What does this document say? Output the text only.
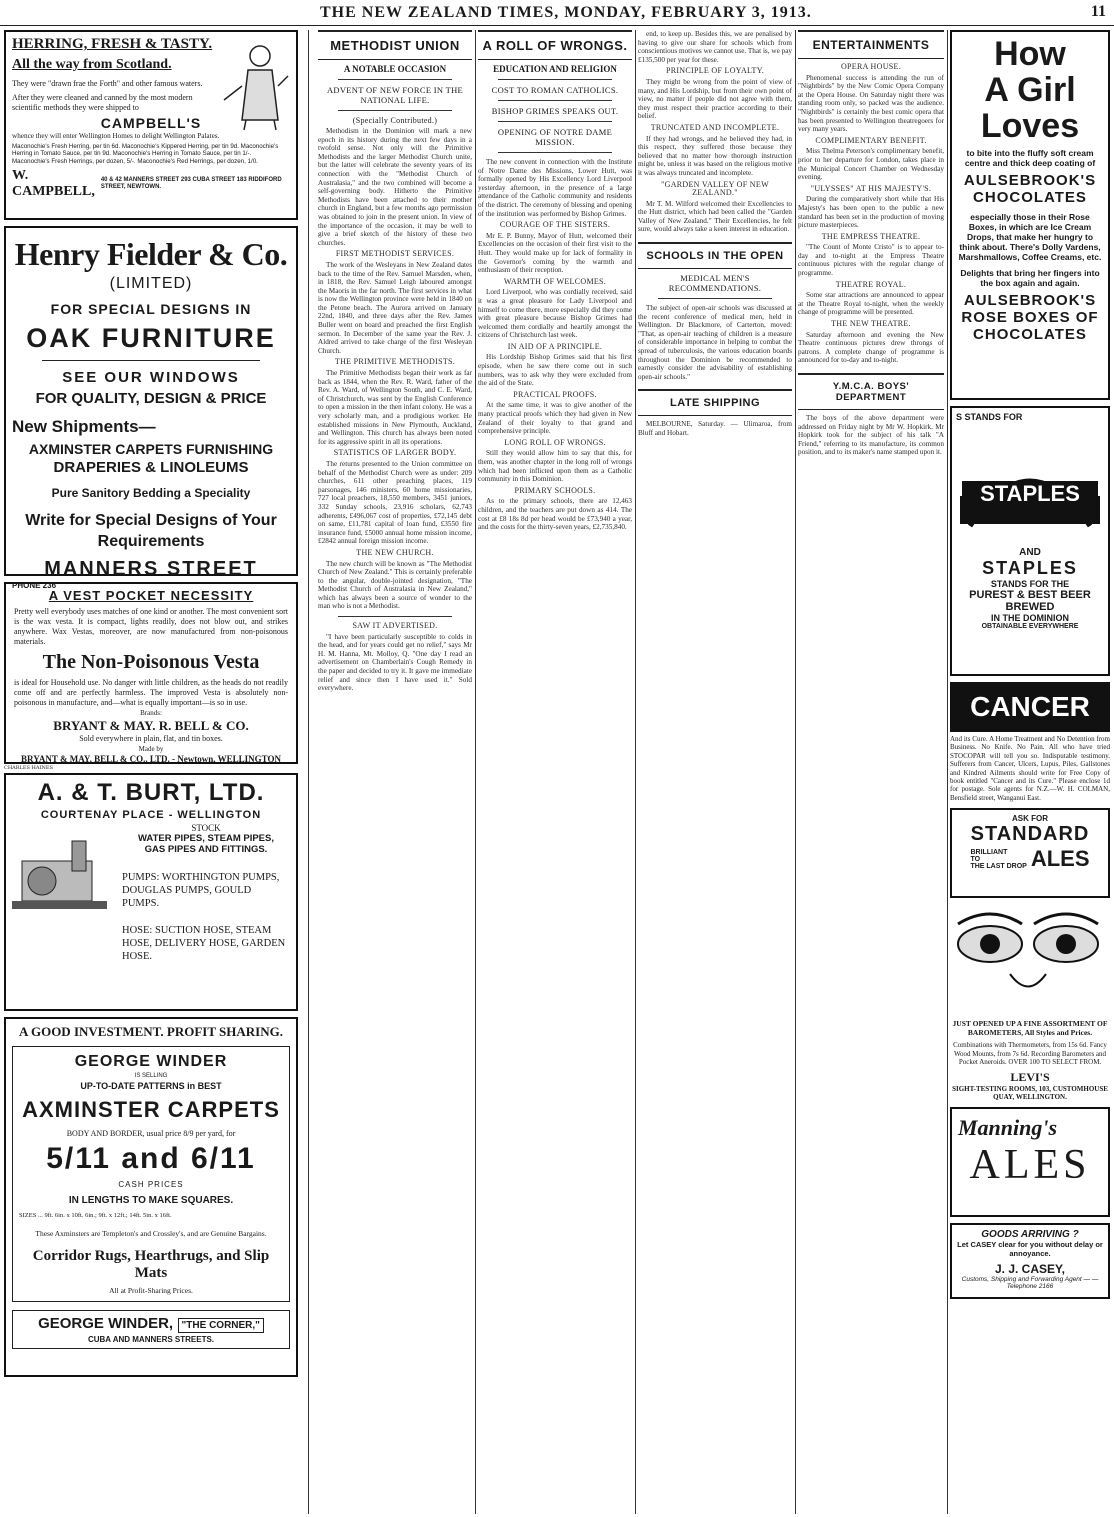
THE NEW ZEALAND TIMES, MONDAY, FEBRUARY 3, 1913.	11
HERRING, FRESH & TASTY.
All the way from Scotland.
They were "drawn frae the Forth" and other famous waters.
After they were cleaned and canned by the most modern scientific methods they were shipped to
CAMPBELL'S
whence they will enter Wellington Homes to delight Wellington Palates.
Maconochie's Fresh Herring, per tin 6d. Maconochie's Kippered Herring, per tin 9d. Maconochie's Herring in Tomato Sauce, per tin 9d. Maconochie's Herring in Tomato Sauce, per tin 1/-. Maconochie's Fresh Herrings, per dozen, 5/-. Maconochie's Red Herrings, per dozen, 1/0.
W. CAMPBELL,
40 & 42 MANNERS STREET 293 CUBA STREET 183 RIDDIFORD STREET, NEWTOWN.
Henry Fielder & Co.
(LIMITED)
FOR SPECIAL DESIGNS IN
OAK FURNITURE
SEE OUR WINDOWS
FOR QUALITY, DESIGN & PRICE
New Shipments—
AXMINSTER CARPETS FURNISHING
DRAPERIES & LINOLEUMS
Pure Sanitory Bedding a Speciality
Write for Special Designs of Your Requirements
MANNERS STREET
PHONE 236
A VEST POCKET NECESSITY
Pretty well everybody uses matches of one kind or another. The most convenient sort is the wax vesta. It is compact, lights readily, does not blow out, and strikes anywhere. Wax Vestas, moreover, are now manufactured from non-poisonous materials.
The Non-Poisonous Vesta
is ideal for Household use. No danger with little children, as the heads do not readily come off and are perfectly harmless. The improved Vesta is absolutely non-poisonous in manufacture, and—what is equally important—is so in use.
Brands:
BRYANT & MAY. R. BELL & CO.
Sold everywhere in plain, flat, and tin boxes.
Made by
BRYANT & MAY, BELL & CO., LTD. - Newtown, WELLINGTON
CHARLES HAINES
A. & T. BURT, LTD.
COURTENAY PLACE - WELLINGTON
STOCK
WATER PIPES, STEAM PIPES,
GAS PIPES AND FITTINGS.
PUMPS: WORTHINGTON PUMPS, DOUGLAS PUMPS, GOULD PUMPS.
HOSE: SUCTION HOSE, STEAM HOSE, DELIVERY HOSE, GARDEN HOSE.
A GOOD INVESTMENT. PROFIT SHARING.
GEORGE WINDER
IS SELLING
UP-TO-DATE PATTERNS in BEST
AXMINSTER CARPETS
BODY AND BORDER, usual price 8/9 per yard, for
5/11 and 6/11
CASH PRICES
IN LENGTHS TO MAKE SQUARES.
SIZES ... 9ft. 6in. x 10ft. 6in.; 9ft. x 12ft.; 14ft. 5in. x 16ft.
These Axminsters are Templeton's and Crossley's, and are Genuine Bargains.
Corridor Rugs, Hearthrugs, and Slip Mats
All at Profit-Sharing Prices.
GEORGE WINDER, "THE CORNER,"
CUBA AND MANNERS STREETS.
METHODIST UNION
A NOTABLE OCCASION
ADVENT OF NEW FORCE IN THE NATIONAL LIFE.
(Specially Contributed.)

Methodism in the Dominion will mark a new epoch in its history during the next few days in a twofold sense. Not only will the Primitive Methodists and the larger Methodist Church unite, but the latter will celebrate the seventy years of its connection with the "Methodist Church of Australasia," and the two combined will become a self-governing body. Hitherto the Primitive Methodists have been attached to their mother church in England, but a few months ago permission was obtained to join in the present union. In view of the importance of the occasion, it may be well to give a brief sketch of the history of these two churches.

FIRST METHODIST SERVICES.

The work of the Wesleyans in New Zealand dates back to the time of the Rev. Samuel Marsden, when, in 1818, the Rev. Samuel Leigh laboured amongst the Maoris in the far north. The first services in what is now the Wellington province were held in 1840 on the Petone beach. The Aurora arrived on January 22nd, 1840, and three days after the Rev. James Buller went on board and preached the first English sermon. In December of the same year the Rev. J. Aldred arrived to take charge of the first Wesleyan Church.

THE PRIMITIVE METHODISTS.

The Primitive Methodists began their work as far back as 1844, when the Rev. R. Ward, father of the Rev. A. Ward, of Wellington South, and C. E. Ward, of Christchurch, was sent by the English Conference to open a mission in the then infant colony. He was a very scholarly man, and a prodigious worker. He established missions in New Plymouth, Auckland, and Wellington. This church has always been noted for its aggressive spirit in all its operations.

STATISTICS OF LARGER BODY.

The returns presented to the Union committee on behalf of the Methodist Church were as under: 209 churches, 611 other preaching places, 119 parsonages, 146 ministers, 60 home missionaries, 727 local preachers, 18,550 members, 3451 juniors, 332 Sunday schools, 23,916 scholars, 62,743 adherents, £496,067 cost of properties, £72,145 debt on same, £11,781 capital of loan fund, £3550 fire insurance fund, £5000 annual home mission income, £2842 annual foreign mission income.

THE NEW CHURCH.

The new church will be known as "The Methodist Church of New Zealand." This is certainly preferable to the angular, double-jointed designation, "The Methodist Church of Australasia in New Zealand," which has always been a source of wonder to the man who is not a Methodist.

SAW IT ADVERTISED.

"I have been particularly susceptible to colds in the head, and for years could get no relief," says Mr H. M. Hanna, Mt. Molloy, Q. "One day I read an advertisement on Chamberlain's Cough Remedy in the paper and decided to try it. It gave me immediate relief and since then I have used it." Sold everywhere.

A ROLL OF WRONGS.
EDUCATION AND RELIGION
COST TO ROMAN CATHOLICS.
BISHOP GRIMES SPEAKS OUT.
OPENING OF NOTRE DAME MISSION.

The new convent in connection with the Institute of Notre Dame des Missions, Lower Hutt, was formally opened by His Excellency Lord Liverpool yesterday afternoon, in the presence of a large attendance of the Catholic community and residents of the district. The ceremony of blessing and opening of the institution was performed by Bishop Grimes.

COURAGE OF THE SISTERS.

Mr E. P. Bunny, Mayor of Hutt, welcomed their Excellencies on the occasion of their first visit to the Hutt. They would make up for lack of formality in the Governor's coming by the warmth and enthusiasm of their reception.

WARMTH OF WELCOMES.

Lord Liverpool, who was cordially received, said it was a great pleasure for Lady Liverpool and himself to come there, more especially did they come with great pleasure because Bishop Grimes had welcomed them cordially and heartily amongst the citizens of Christchurch last week.

IN AID OF A PRINCIPLE.

His Lordship Bishop Grimes said that his first episode, when he saw there come out in such numbers, was to ask why they were excluded from the aid of the State.

PRACTICAL PROOFS.

At the same time, it was to give another of the many practical proofs which they had given in New Zealand of their loyalty to that grand and comprehensive principle.

LONG ROLL OF WRONGS.

Still they would allow him to say that this, for them, was another chapter in the long roll of wrongs which had been inflicted upon them as a Catholic community in this Dominion.

PRIMARY SCHOOLS.

As to the primary schools, there are 12,463 children, and the teachers are put down as 414. The cost at £8 18s 8d per head would be £73,940 a year, and the costs for the thirty-seven years, £2,735,840.

end, to keep up. Besides this, we are penalised by having to give our share for schools which from conscientious motives we cannot use. That is, we pay £135,500 per year for these.

PRINCIPLE OF LOYALTY.

They might be wrong from the point of view of many, and His Lordship, but from their own point of view, no matter if people did not agree with them, they must respect their practice according to their belief.

TRUNCATED AND INCOMPLETE.

If they had wrongs, and he believed they had, in this respect, they suffered those because they believed that no matter how thorough instruction might be, unless it was based on the religious motive it was always truncated and incomplete.

"GARDEN VALLEY OF NEW ZEALAND."

Mr T. M. Wilford welcomed their Excellencies to the Hutt district, which had been called the "Garden Valley of New Zealand." Their Excellencies, he felt sure, would always take a keen interest in education.

SCHOOLS IN THE OPEN
MEDICAL MEN'S RECOMMENDATIONS.

The subject of open-air schools was discussed at the recent conference of medical men, held in Wellington. Dr Blackmore, of Carterton, moved: "That, as open-air teaching of children is a measure of considerable importance in helping to combat the spread of tuberculosis, the various education boards throughout the Dominion be recommended to earnestly consider the advisability of establishing open-air schools."

LATE SHIPPING

MELBOURNE, Saturday. — Ulimaroa, from Bluff and Hobart.

ENTERTAINMENTS
OPERA HOUSE.

Phenomenal success is attending the run of "Nightbirds" by the New Comic Opera Company at the Opera House. On Saturday night there was standing room only, so packed was the audience. "Nightbirds" is certainly the best comic opera that has been presented to Wellington theatregoers for very many years.

COMPLIMENTARY BENEFIT.

Miss Thelma Peterson's complimentary benefit, prior to her departure for London, takes place in the Municipal Concert Chamber on Wednesday evening.

"ULYSSES" AT HIS MAJESTY'S.

During the comparatively short while that His Majesty's has been open to the public a new standard has been set in the production of moving picture masterpieces.

THE EMPRESS THEATRE.

"The Count of Monte Cristo" is to appear to-day and to-night at the Empress Theatre continuous pictures with the regular change of programme.

THEATRE ROYAL.

Some star attractions are announced to appear at the Theatre Royal to-night, when the weekly change of programme will be presented.

THE NEW THEATRE.

Saturday afternoon and evening the New Theatre continuous pictures drew throngs of patrons. A complete change of programme is announced for to-day and to-night.

Y.M.C.A. BOYS' DEPARTMENT

The boys of the above department were addressed on Friday night by Mr W. Hopkirk. Mr Hopkirk took for the subject of his talk "A Friend," referring to its manufacture, its common position, and to its maker's name stamped upon it.

How
A Girl
Loves
to bite into the fluffy soft cream centre and thick deep coating of
AULSEBROOK'S
CHOCOLATES
especially those in their Rose Boxes, in which are Ice Cream Drops, that make her hungry to think about. There's Dolly Vardens, Marshmallows, Coffee Creams, etc.
Delights that bring her fingers into the box again and again.
AULSEBROOK'S
ROSE BOXES OF
CHOCOLATES
S STANDS FOR
STAPLES
AND
STAPLES
STANDS FOR THE
PUREST & BEST BEER
BREWED
IN THE DOMINION
OBTAINABLE EVERYWHERE
CANCER
And its Cure. A Home Treatment and No Detention from Business. No Knife. No Pain. All who have tried STOCOPAR will tell you so. Indisputable testimony. Sufferers from Cancer, Ulcers, Lupus, Piles, Gallstones and Kindred Ailments should write for Free Copy of book entitled "Cancer and its Cure." Please enclose 1d for postage. Sole agents for N.Z.—W. H. COLMAN, Bensfield street, Wanganui East.
ASK FOR
STANDARD
BRILLIANT
TO
THE LAST DROP ALES
JUST OPENED UP A FINE ASSORTMENT OF BAROMETERS, All Styles and Prices.
Combinations with Thermometers, from 15s 6d. Fancy Wood Mounts, from 7s 6d. Recording Barometers and Pocket Aneroids. OVER 100 TO SELECT FROM.
LEVI'S
SIGHT-TESTING ROOMS, 103, CUSTOMHOUSE QUAY, WELLINGTON.
Manning's
ALES
GOODS ARRIVING ?
Let CASEY clear for you without delay or annoyance.
J. J. CASEY,
Customs, Shipping and Forwarding Agent — — Telephone 2166
